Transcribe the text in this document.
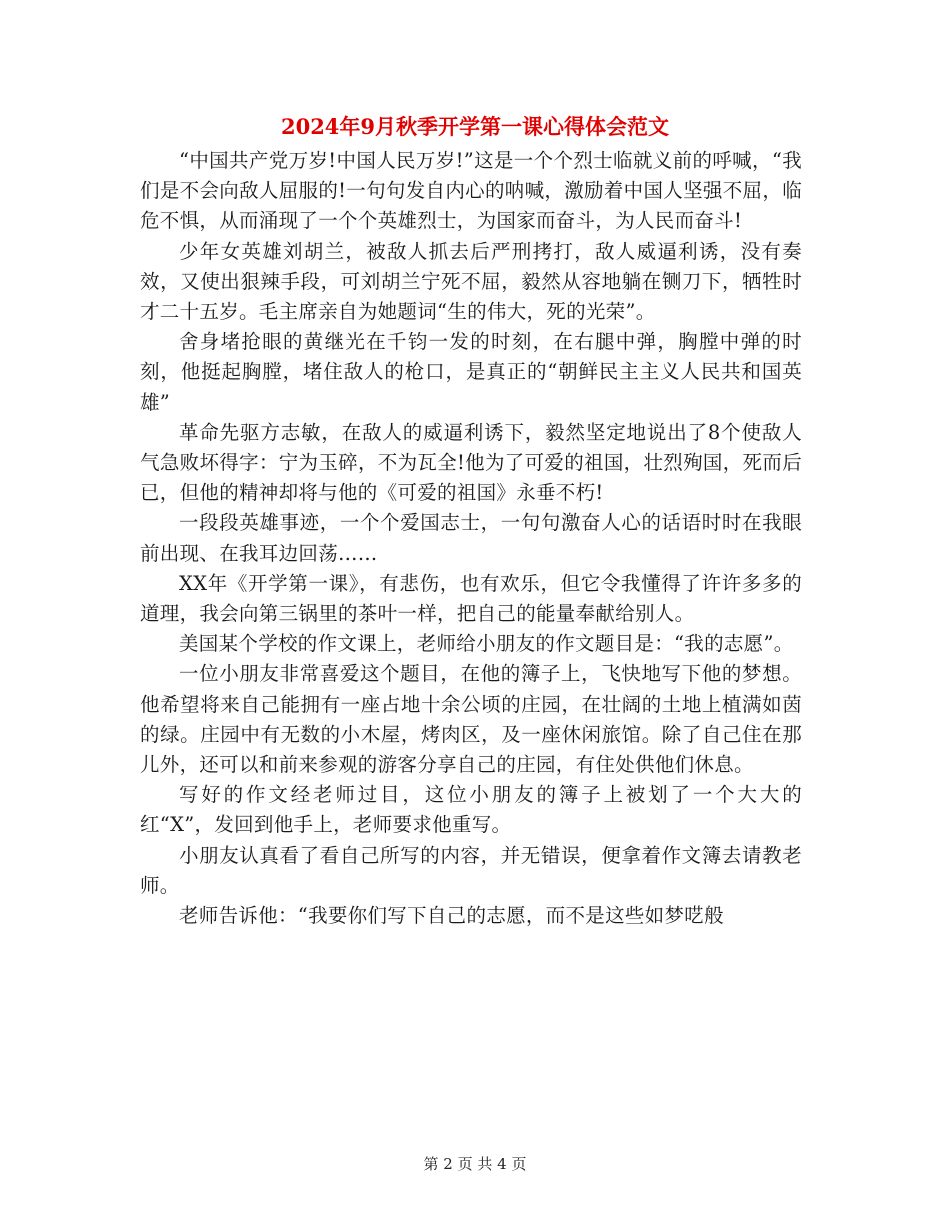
2024年9月秋季开学第一课心得体会范文

“中国共产党万岁!中国人民万岁!”这是一个个烈士临就义前的呼喊，“我们是不会向敌人屈服的!一句句发自内心的呐喊，激励着中国人坚强不屈，临危不惧，从而涌现了一个个英雄烈士，为国家而奋斗，为人民而奋斗!

少年女英雄刘胡兰，被敌人抓去后严刑拷打，敌人威逼利诱，没有奏效，又使出狠辣手段，可刘胡兰宁死不屈，毅然从容地躺在铡刀下，牺牲时才二十五岁。毛主席亲自为她题词“生的伟大，死的光荣”。

舍身堵抢眼的黄继光在千钧一发的时刻，在右腿中弹，胸膛中弹的时刻，他挺起胸膛，堵住敌人的枪口，是真正的“朝鲜民主主义人民共和国英雄”

革命先驱方志敏，在敌人的威逼利诱下，毅然坚定地说出了8个使敌人气急败坏得字：宁为玉碎，不为瓦全!他为了可爱的祖国，壮烈殉国，死而后已，但他的精神却将与他的《可爱的祖国》永垂不朽!

一段段英雄事迹，一个个爱国志士，一句句激奋人心的话语时时在我眼前出现、在我耳边回荡……

XX年《开学第一课》，有悲伤，也有欢乐，但它令我懂得了许许多多的道理，我会向第三锅里的茶叶一样，把自己的能量奉献给别人。

美国某个学校的作文课上，老师给小朋友的作文题目是：“我的志愿”。

一位小朋友非常喜爱这个题目，在他的簿子上，飞快地写下他的梦想。他希望将来自己能拥有一座占地十余公顷的庄园，在壮阔的土地上植满如茵的绿。庄园中有无数的小木屋，烤肉区，及一座休闲旅馆。除了自己住在那儿外，还可以和前来参观的游客分享自己的庄园，有住处供他们休息。

写好的作文经老师过目，这位小朋友的簿子上被划了一个大大的红“X”，发回到他手上，老师要求他重写。

小朋友认真看了看自己所写的内容，并无错误，便拿着作文簿去请教老师。

老师告诉他：“我要你们写下自己的志愿，而不是这些如梦呓般

第 2 页 共 4 页
